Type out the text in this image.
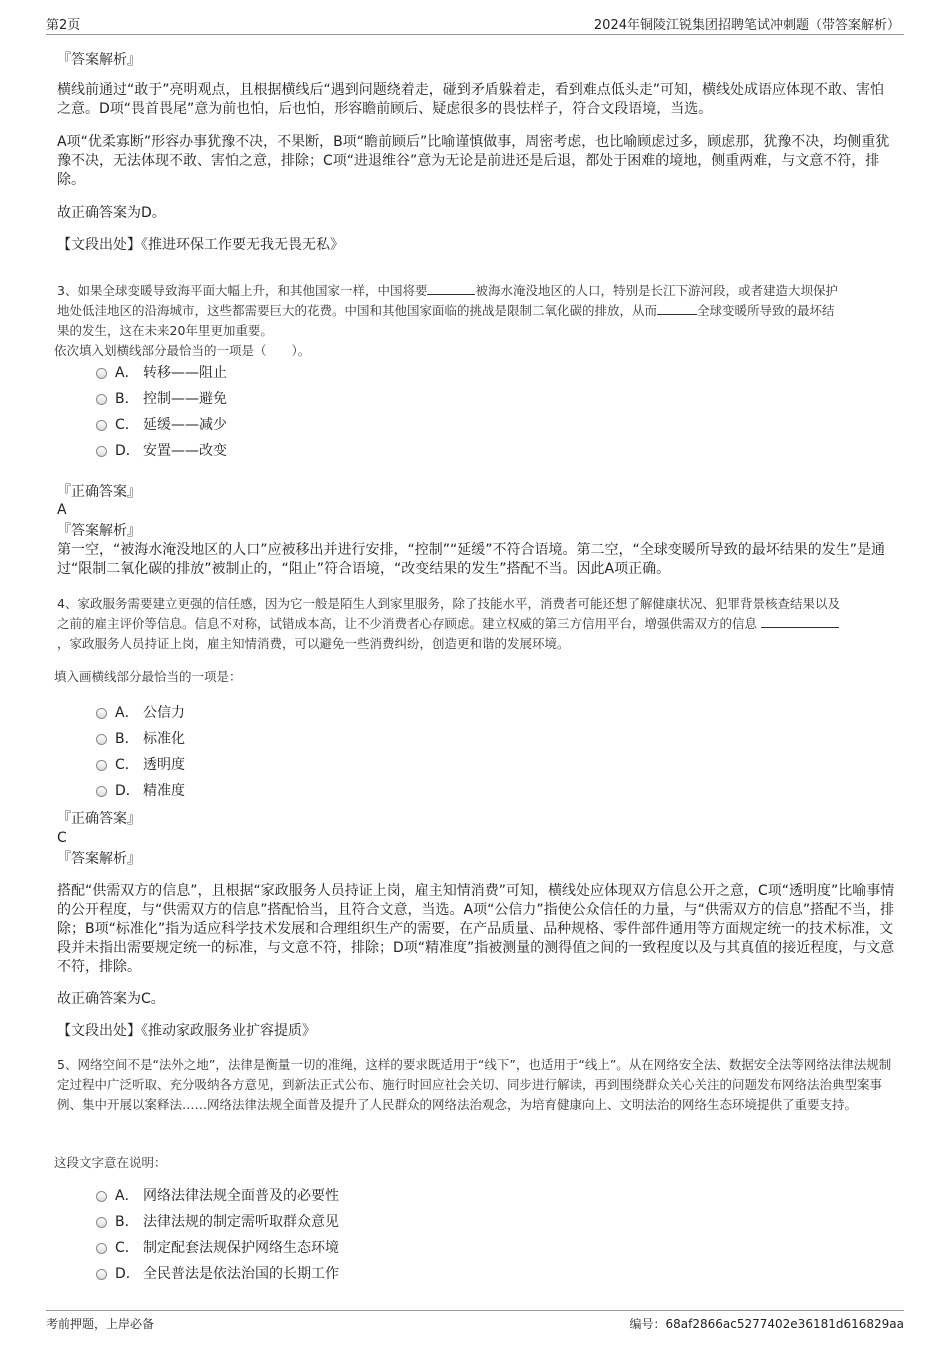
第2页	2024年铜陵江锐集团招聘笔试冲刺题（带答案解析）
『答案解析』
横线前通过“敢于”亮明观点，且根据横线后“遇到问题绕着走，碰到矛盾躲着走，看到难点低头走”可知，横线处成语应体现不敢、害怕之意。D项“畏首畏尾”意为前也怕，后也怕，形容瞻前顾后、疑虑很多的畏怯样子，符合文段语境，当选。
A项“优柔寡断”形容办事犹豫不决，不果断，B项“瞻前顾后”比喻谨慎做事，周密考虑，也比喻顾虑过多，顾虑那，犹豫不决，均侧重犹豫不决，无法体现不敢、害怕之意，排除；C项“进退维谷”意为无论是前进还是后退，都处于困难的境地，侧重两难，与文意不符，排除。
故正确答案为D。
【文段出处】《推进环保工作要无我无畏无私》
3、如果全球变暖导致海平面大幅上升，和其他国家一样，中国将要	被海水淹没地区的人口，特别是长江下游河段，或者建造大坝保护
地处低洼地区的沿海城市，这些都需要巨大的花费。中国和其他国家面临的挑战是限制二氧化碳的排放，从而	全球变暖所导致的最坏结
果的发生，这在未来20年里更加重要。
依次填入划横线部分最恰当的一项是（　　）。
A． 转移——阻止
B． 控制——避免
C． 延缓——减少
D． 安置——改变
『正确答案』
A
『答案解析』
第一空，“被海水淹没地区的人口”应被移出并进行安排，“控制”“延缓”不符合语境。第二空，“全球变暖所导致的最坏结果的发生”是通过“限制二氧化碳的排放”被制止的，“阻止”符合语境，“改变结果的发生”搭配不当。因此A项正确。
4、家政服务需要建立更强的信任感，因为它一般是陌生人到家里服务，除了技能水平，消费者可能还想了解健康状况、犯罪背景核查结果以及
之前的雇主评价等信息。信息不对称，试错成本高，让不少消费者心存顾虑。建立权威的第三方信用平台，增强供需双方的信息
，家政服务人员持证上岗，雇主知情消费，可以避免一些消费纠纷，创造更和谐的发展环境。
填入画横线部分最恰当的一项是：
A． 公信力
B． 标准化
C． 透明度
D． 精准度
『正确答案』
C
『答案解析』
搭配“供需双方的信息”，且根据“家政服务人员持证上岗，雇主知情消费”可知，横线处应体现双方信息公开之意，C项“透明度”比喻事情的公开程度，与“供需双方的信息”搭配恰当，且符合文意，当选。A项“公信力”指使公众信任的力量，与“供需双方的信息”搭配不当，排除；B项“标准化”指为适应科学技术发展和合理组织生产的需要，在产品质量、品种规格、零件部件通用等方面规定统一的技术标准，文段并未指出需要规定统一的标准，与文意不符，排除；D项“精准度”指被测量的测得值之间的一致程度以及与其真值的接近程度，与文意不符，排除。
故正确答案为C。
【文段出处】《推动家政服务业扩容提质》
5、网络空间不是“法外之地”，法律是衡量一切的准绳，这样的要求既适用于“线下”，也适用于“线上”。从在网络安全法、数据安全法等网络法律法规制定过程中广泛听取、充分吸纳各方意见，到新法正式公布、施行时回应社会关切、同步进行解读，再到围绕群众关心关注的问题发布网络法治典型案事例、集中开展以案释法……网络法律法规全面普及提升了人民群众的网络法治观念，为培育健康向上、文明法治的网络生态环境提供了重要支持。
这段文字意在说明：
A． 网络法律法规全面普及的必要性
B． 法律法规的制定需听取群众意见
C． 制定配套法规保护网络生态环境
D． 全民普法是依法治国的长期工作
考前押题，上岸必备	编号：68af2866ac5277402e36181d616829aa
